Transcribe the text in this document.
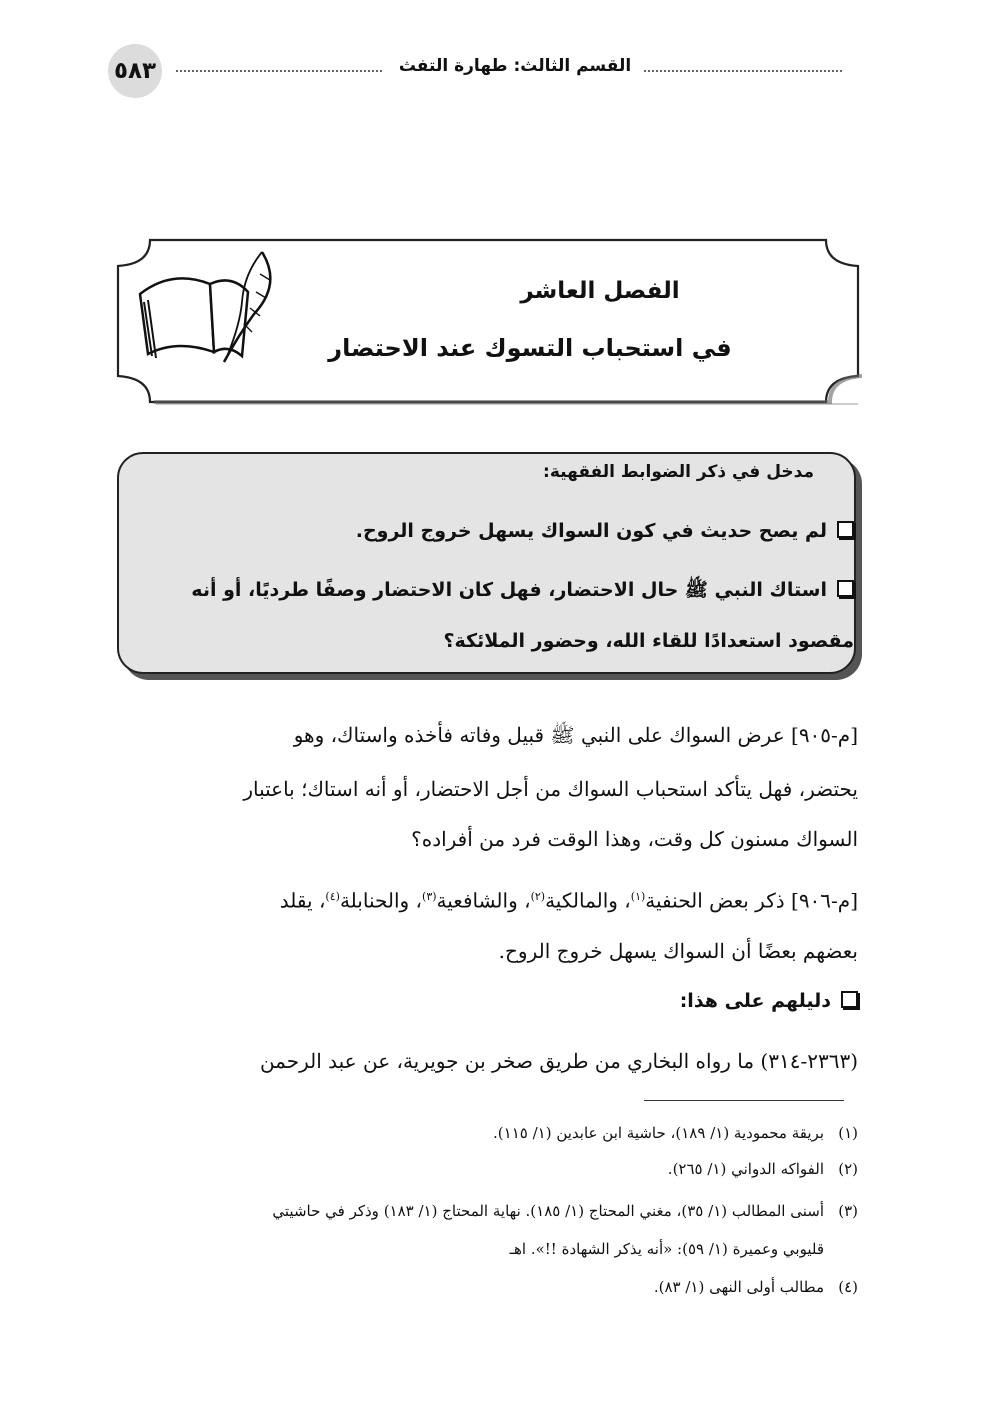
٥٨٣	القسم الثالث: طهارة التفث
الفصل العاشر
في استحباب التسوك عند الاحتضار
مدخل في ذكر الضوابط الفقهية:
لم يصح حديث في كون السواك يسهل خروج الروح.
استاك النبي ﷺ حال الاحتضار، فهل كان الاحتضار وصفًا طرديًا، أو أنه
مقصود استعدادًا للقاء الله، وحضور الملائكة؟
[م-٩٠٥] عرض السواك على النبي ﷺ قبيل وفاته فأخذه واستاك، وهو
يحتضر، فهل يتأكد استحباب السواك من أجل الاحتضار، أو أنه استاك؛ باعتبار
السواك مسنون كل وقت، وهذا الوقت فرد من أفراده؟
[م-٩٠٦] ذكر بعض الحنفية$^{(١)}$، والمالكية$^{(٢)}$، والشافعية$^{(٣)}$، والحنابلة$^{(٤)}$، يقلد
بعضهم بعضًا أن السواك يسهل خروج الروح.
دليلهم على هذا:
(٢٣٦٣-٣١٤) ما رواه البخاري من طريق صخر بن جويرية، عن عبد الرحمن
(١)بريقة محمودية (١/ ١٨٩)، حاشية ابن عابدين (١/ ١١٥).
(٢)الفواكه الدواني (١/ ٢٦٥).
(٣)أسنى المطالب (١/ ٣٥)، مغني المحتاج (١/ ١٨٥). نهاية المحتاج (١/ ١٨٣) وذكر في حاشيتي
قليوبي وعميرة (١/ ٥٩): «أنه يذكر الشهادة !!». اهـ
(٤)مطالب أولى النهى (١/ ٨٣).
